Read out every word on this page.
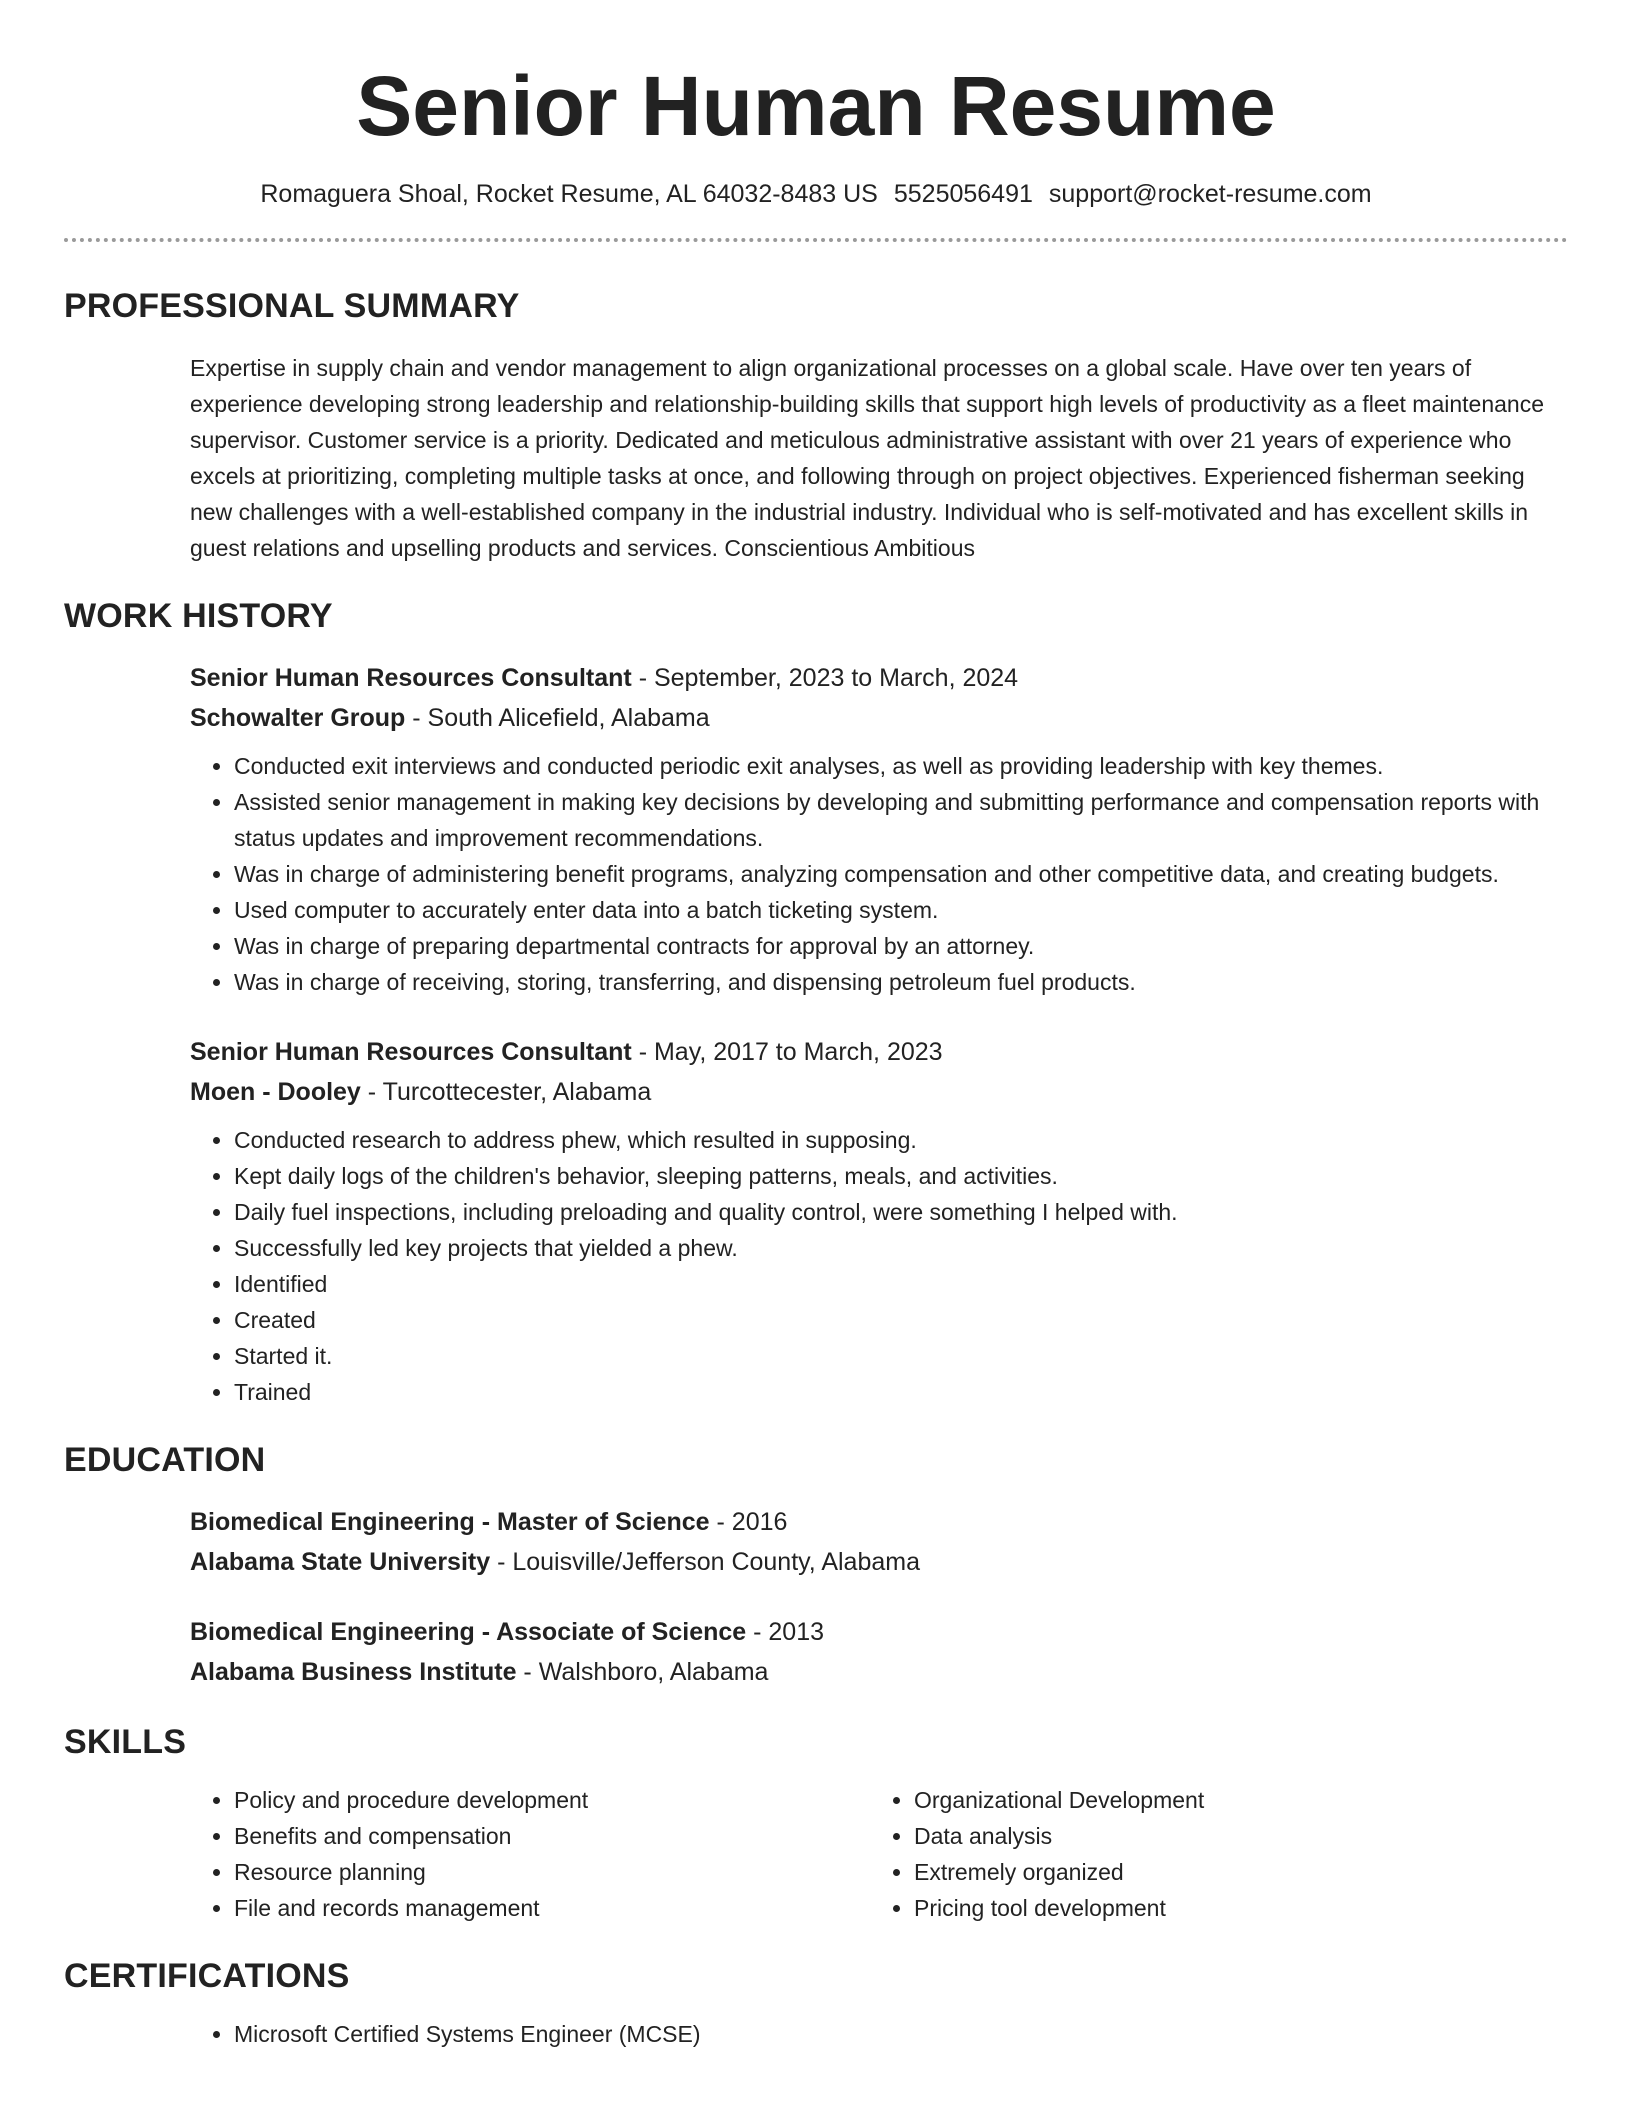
Senior Human Resume
Romaguera Shoal, Rocket Resume, AL 64032-8483 US 5525056491 support@rocket-resume.com
PROFESSIONAL SUMMARY
Expertise in supply chain and vendor management to align organizational processes on a global scale. Have over ten years of experience developing strong leadership and relationship-building skills that support high levels of productivity as a fleet maintenance supervisor. Customer service is a priority. Dedicated and meticulous administrative assistant with over 21 years of experience who excels at prioritizing, completing multiple tasks at once, and following through on project objectives. Experienced fisherman seeking new challenges with a well-established company in the industrial industry. Individual who is self-motivated and has excellent skills in guest relations and upselling products and services. Conscientious Ambitious
WORK HISTORY
Senior Human Resources Consultant - September, 2023 to March, 2024
Schowalter Group - South Alicefield, Alabama
• Conducted exit interviews and conducted periodic exit analyses, as well as providing leadership with key themes.
• Assisted senior management in making key decisions by developing and submitting performance and compensation reports with status updates and improvement recommendations.
• Was in charge of administering benefit programs, analyzing compensation and other competitive data, and creating budgets.
• Used computer to accurately enter data into a batch ticketing system.
• Was in charge of preparing departmental contracts for approval by an attorney.
• Was in charge of receiving, storing, transferring, and dispensing petroleum fuel products.
Senior Human Resources Consultant - May, 2017 to March, 2023
Moen - Dooley - Turcottecester, Alabama
• Conducted research to address phew, which resulted in supposing.
• Kept daily logs of the children's behavior, sleeping patterns, meals, and activities.
• Daily fuel inspections, including preloading and quality control, were something I helped with.
• Successfully led key projects that yielded a phew.
• Identified
• Created
• Started it.
• Trained
EDUCATION
Biomedical Engineering - Master of Science - 2016
Alabama State University - Louisville/Jefferson County, Alabama
Biomedical Engineering - Associate of Science - 2013
Alabama Business Institute - Walshboro, Alabama
SKILLS
• Policy and procedure development
• Benefits and compensation
• Resource planning
• File and records management
• Organizational Development
• Data analysis
• Extremely organized
• Pricing tool development
CERTIFICATIONS
• Microsoft Certified Systems Engineer (MCSE)
